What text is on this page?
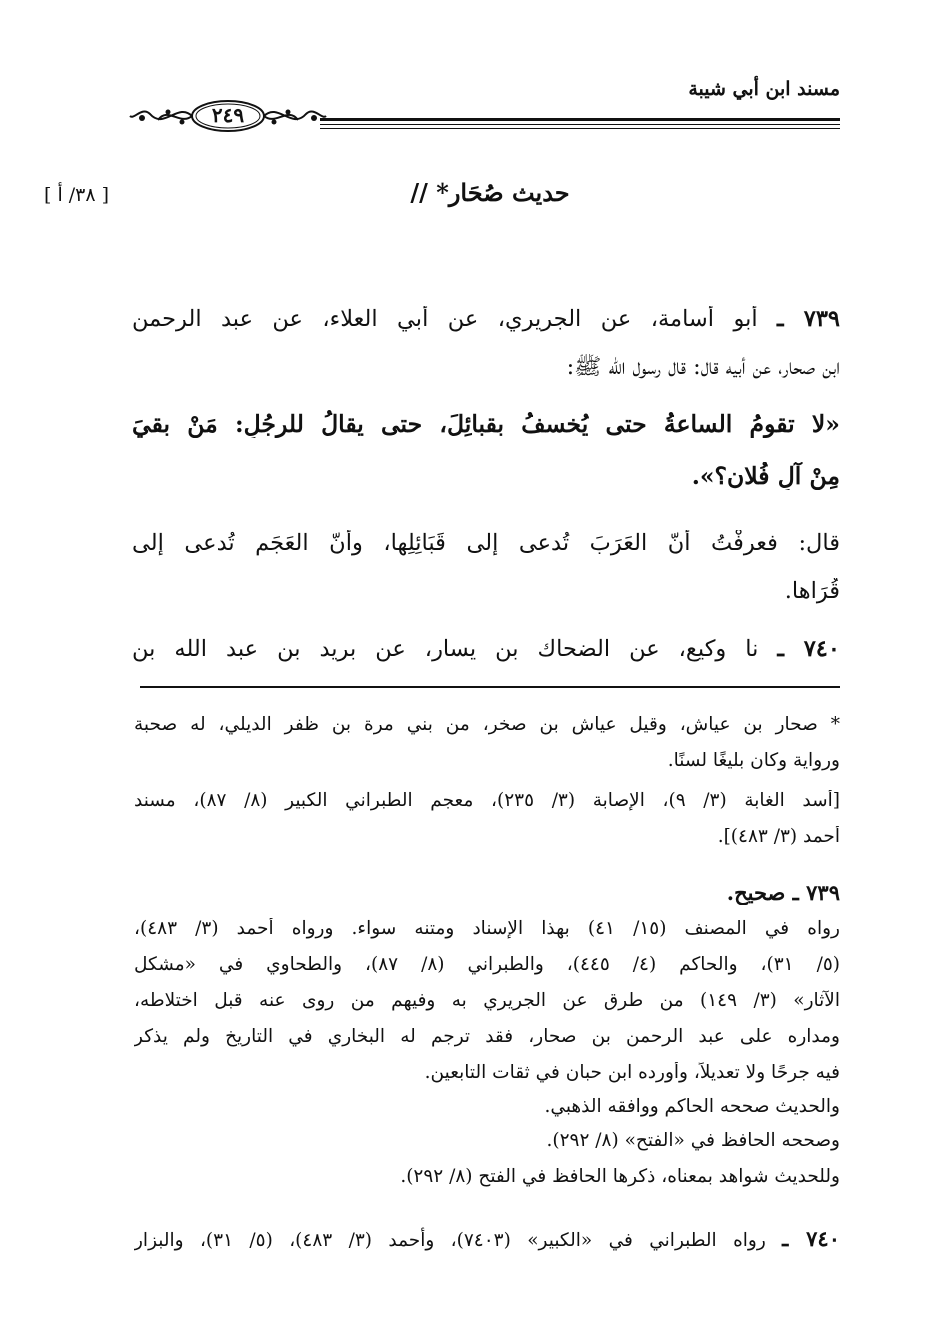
مسند ابن أبي شيبة
٢٤٩
حديث صُحَار* //
[ ٣٨/ أ ]
٧٣٩ ـ أبو أسامة، عن الجريري، عن أبي العلاء، عن عبد الرحمن
ابن صحار، عن أبيه قال: قال رسول الله ﷺ:
«لا تقومُ الساعةُ حتى يُخسفُ بقبائِلَ، حتى يقالُ للرجُلِ: مَنْ بقيَ
مِنْ آلِ فُلان؟».
قال: فعرفْتُ أنّ العَرَبَ تُدعى إلى قَبَائِلِها، وأنّ العَجَم تُدعى إلى
قُرَاها.
٧٤٠ ـ نا وكيع، عن الضحاك بن يسار، عن بريد بن عبد الله بن
* صحار بن عياش، وقيل عياش بن صخر، من بني مرة بن ظفر الديلي، له صحبة
ورواية وكان بليغًا لسنًا.
[أسد الغابة (٣/ ٩)، الإصابة (٣/ ٢٣٥)، معجم الطبراني الكبير (٨/ ٨٧)، مسند
أحمد (٣/ ٤٨٣)].
٧٣٩ ـ صحيح.
رواه في المصنف (١٥/ ٤١) بهذا الإسناد ومتنه سواء. ورواه أحمد (٣/ ٤٨٣)،
(٥/ ٣١)، والحاكم (٤/ ٤٤٥)، والطبراني (٨/ ٨٧)، والطحاوي في «مشكل
الآثار» (٣/ ١٤٩) من طرق عن الجريري به وفيهم من روى عنه قبل اختلاطه،
ومداره على عبد الرحمن بن صحار، فقد ترجم له البخاري في التاريخ ولم يذكر
فيه جرحًا ولا تعديلاً، وأورده ابن حبان في ثقات التابعين.
والحديث صححه الحاكم ووافقه الذهبي.
وصححه الحافظ في «الفتح» (٨/ ٢٩٢).
وللحديث شواهد بمعناه، ذكرها الحافظ في الفتح (٨/ ٢٩٢).
٧٤٠ ـ رواه الطبراني في «الكبير» (٧٤٠٣)، وأحمد (٣/ ٤٨٣)، (٥/ ٣١)، والبزار
